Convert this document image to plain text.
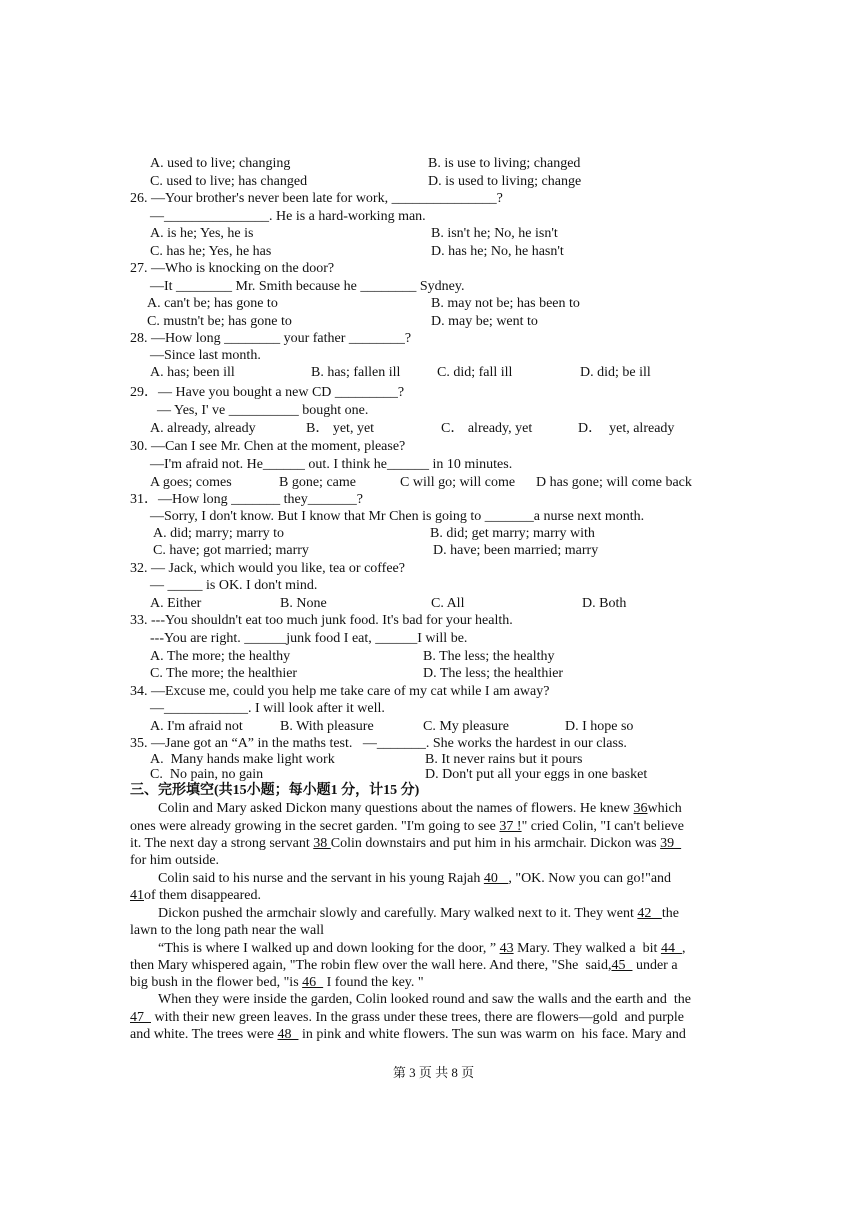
A. used to live; changing	B. is use to living; changed
C. used to live; has changed	D. is used to living; change
26. —Your brother's never been late for work, _______________?
—_______________. He is a hard-working man.
A. is he; Yes, he is	B. isn't he; No, he isn't
C. has he; Yes, he has	D. has he; No, he hasn't
27. —Who is knocking on the door?
—It ________ Mr. Smith because he ________ Sydney.
A. can't be; has gone to	B. may not be; has been to
C. mustn't be; has gone to	D. may be; went to
28. —How long ________ your father ________?
—Since last month.
A. has; been ill	B. has; fallen ill	C. did; fall ill	D. did; be ill
29．— Have you bought a new CD _________?
— Yes, I' ve __________ bought one.
A. already, already	B． yet, yet	C． already, yet	D．  yet, already
30. —Can I see Mr. Chen at the moment, please?
—I'm afraid not. He______ out. I think he______ in 10 minutes.
A goes; comes	B gone; came	C will go; will come D has gone; will come back
31．—How long _______ they_______?
—Sorry, I don't know. But I know that Mr Chen is going to _______a nurse next month.
A. did; marry; marry to	B. did; get marry; marry with
C. have; got married; marry	D. have; been married; marry
32. — Jack, which would you like, tea or coffee?
— _____ is OK. I don't mind.
A. Either	B. None	C. All	D. Both
33. ---You shouldn't eat too much junk food. It's bad for your health.
---You are right. ______junk food I eat, ______I will be.
A. The more; the healthy	B. The less; the healthy
C. The more; the healthier	D. The less; the healthier
34. —Excuse me, could you help me take care of my cat while I am away?
—____________. I will look after it well.
A. I'm afraid not	B. With pleasure	C. My pleasure	D. I hope so
35. —Jane got an “A” in the maths test.   —_______. She works the hardest in our class.
A.  Many hands make light work	B. It never rains but it pours
C.  No pain, no gain	D. Don't put all your eggs in one basket
三、完形填空(共15小题；每小题1 分，计15 分)
Colin and Mary asked Dickon many questions about the names of flowers. He knew 36which
ones were already growing in the secret garden. "I'm going to see 37 !" cried Colin, "I can't believe
it. The next day a strong servant 38 Colin downstairs and put him in his armchair. Dickon was 39
for him outside.
Colin said to his nurse and the servant in his young Rajah 40   , "OK. Now you can go!"and
41of them disappeared.
Dickon pushed the armchair slowly and carefully. Mary walked next to it. They went 42   the
lawn to the long path near the wall
“This is where I walked up and down looking for the door, ” 43 Mary. They walked a  bit 44  ,
then Mary whispered again, "The robin flew over the wall here. And there, "She  said,45   under a
big bush in the flower bed, "is 46   I found the key. "
When they were inside the garden, Colin looked round and saw the walls and the earth and  the
47   with their new green leaves. In the grass under these trees, there are flowers—gold  and purple
and white. The trees were 48   in pink and white flowers. The sun was warm on  his face. Mary and
第 3 页 共 8 页
